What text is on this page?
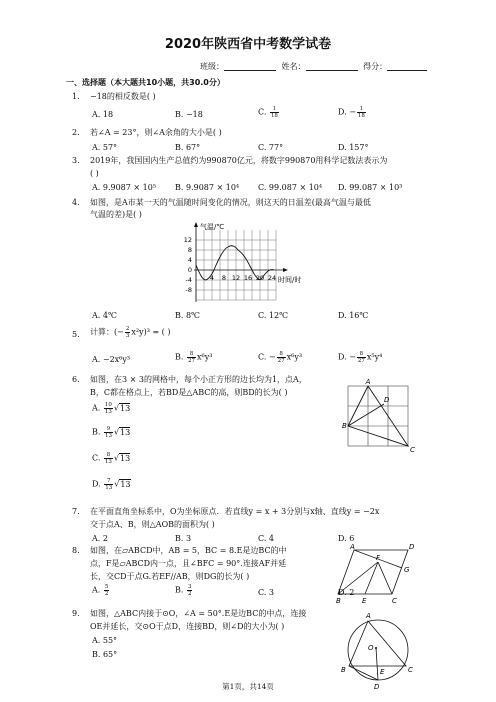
2020年陕西省中考数学试卷
班级：	姓名：	得分：
一、选择题（本大题共10小题，共30.0分）
1. −18的相反数是( )
A. 18	B. −18	C. $\frac{1}{18}$	D. − $\frac{1}{18}$
2. 若∠A = 23°，则∠A余角的大小是( )
A. 57°	B. 67°	C. 77°	D. 157°
3. 2019年，我国国内生产总值约为990870亿元，将数字990870用科学记数法表示为
( )
A. 9.9087 × 10⁵ B. 9.9087 × 10⁴ C. 99.087 × 10⁴ D. 99.087 × 10³
4. 如图，是A市某一天的气温随时间变化的情况，则这天的日温差(最高气温与最低
气温的差)是( )
气温/℃
时间/时
12
8
4
0
-4
-8
4 8 12 16 20 24
A. 4℃	B. 8℃	C. 12℃	D. 16℃
5. 计算：(− $\frac{2}{3} x^2y)^3$ = ( )
A. −2x⁶y³	B. $\frac{8}{27} x^6y^3$	C. − $\frac{8}{27} x^6y^3$	D. − $\frac{8}{27} x^5y^4$
6. 如图，在3 × 3的网格中，每个小正方形的边长均为1，点A，
B，C都在格点上，若BD是△ABC的高，则BD的长为( )
A. $\frac{10}{13} √13$
B. $\frac{9}{13} √13$
C. $\frac{8}{13} √13$
D. $\frac{7}{13} √13$
A
B
C
D
7. 在平面直角坐标系中，O为坐标原点．若直线y = x + 3分别与x轴、直线y = −2x
交于点A、B，则△AOB的面积为( )
A. 2	B. 3	C. 4	D. 6
8. 如图，在▱ABCD中，AB = 5，BC = 8.E是边BC的中
点，F是▱ABCD内一点，且∠BFC = 90°.连接AF并延
长，交CD于点G.若EF//AB，则DG的长为( )
A. $\frac{5}{2}$	B. $\frac{3}{2}$	C. 3	D. 2
A	D
B	E	C
F
G
9. 如图，△ABC内接于⊙O，∠A = 50°.E是边BC的中点，连接
OE并延长，交⊙O于点D，连接BD，则∠D的大小为( )
A. 55°
B. 65°
A
B	C
D
E
O
第1页，共14页
